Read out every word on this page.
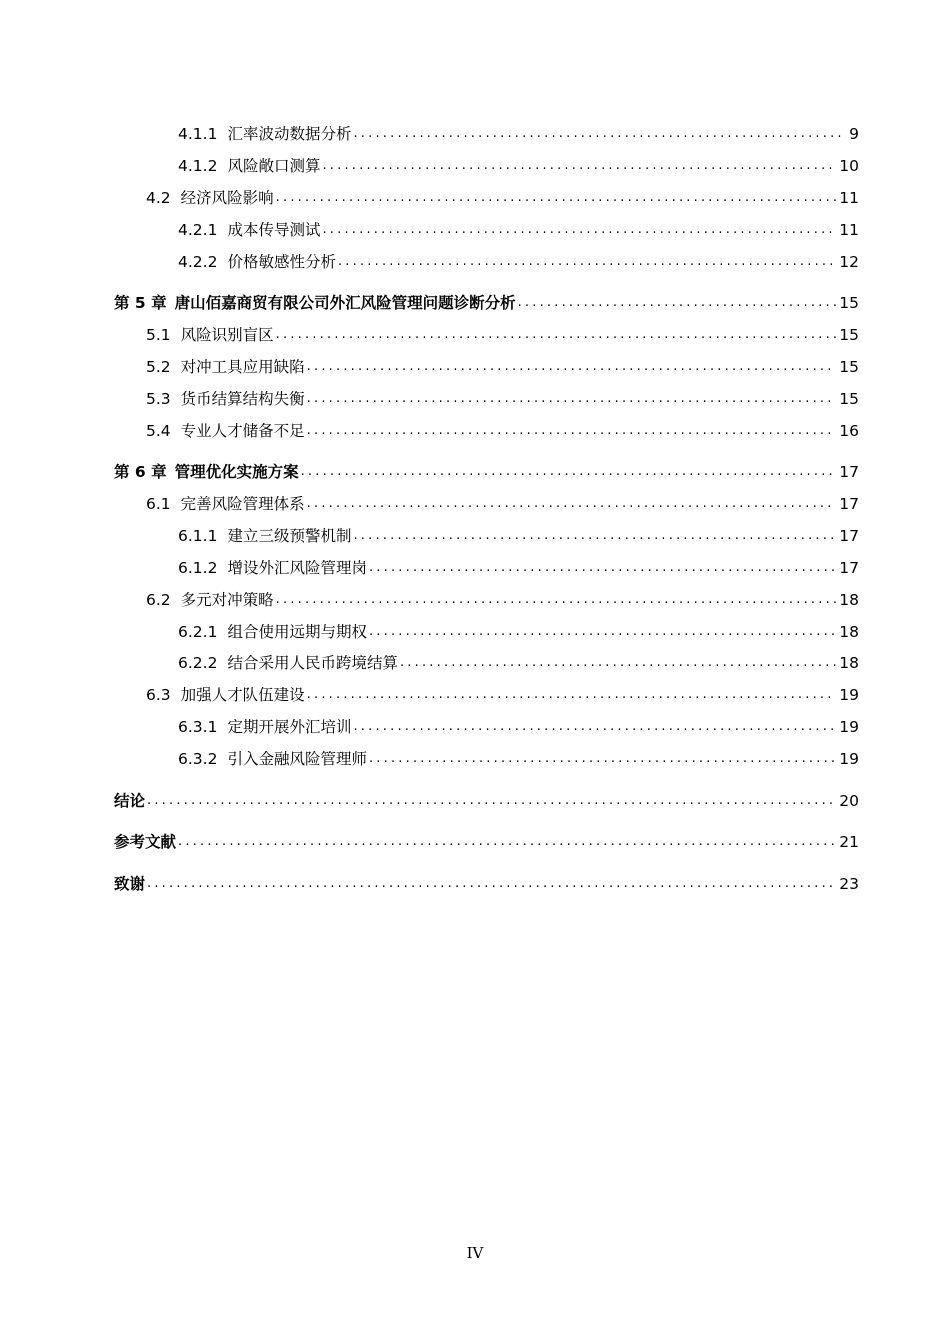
4.1.1 汇率波动数据分析 .....	9
4.1.2 风险敞口测算 .....	10
4.2 经济风险影响 .....	11
4.2.1 成本传导测试 .....	11
4.2.2 价格敏感性分析 .....	12
第 5 章 唐山佰嘉商贸有限公司外汇风险管理问题诊断分析 .....	15
5.1 风险识别盲区 .....	15
5.2 对冲工具应用缺陷 .....	15
5.3 货币结算结构失衡 .....	15
5.4 专业人才储备不足 .....	16
第 6 章 管理优化实施方案 .....	17
6.1 完善风险管理体系 .....	17
6.1.1 建立三级预警机制 .....	17
6.1.2 增设外汇风险管理岗 .....	17
6.2 多元对冲策略 .....	18
6.2.1 组合使用远期与期权 .....	18
6.2.2 结合采用人民币跨境结算 .....	18
6.3 加强人才队伍建设 .....	19
6.3.1 定期开展外汇培训 .....	19
6.3.2 引入金融风险管理师 .....	19
结论 .....	20
参考文献 .....	21
致谢 .....	23
IV
